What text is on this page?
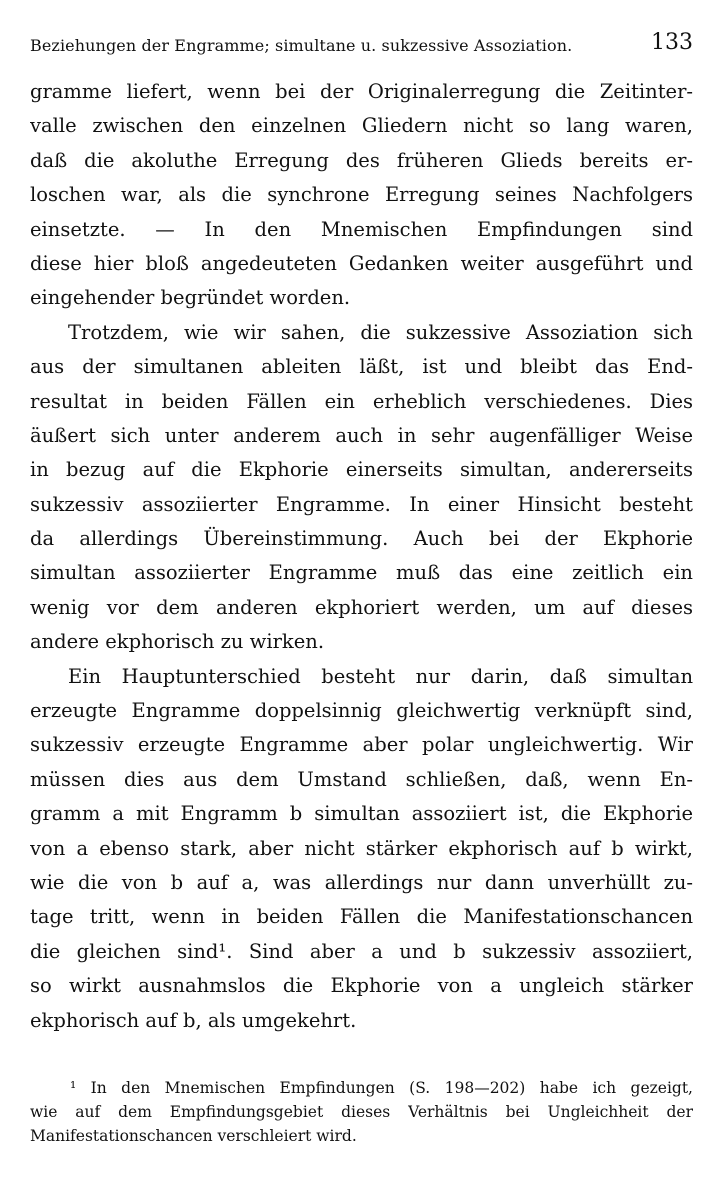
Beziehungen der Engramme; simultane u. sukzessive Assoziation.	133
gramme liefert, wenn bei der Originalerregung die Zeitinter-
valle zwischen den einzelnen Gliedern nicht so lang waren,
daß die akoluthe Erregung des früheren Glieds bereits er-
loschen war, als die synchrone Erregung seines Nachfolgers
einsetzte. — In den Mnemischen Empfindungen sind
diese hier bloß angedeuteten Gedanken weiter ausgeführt und
eingehender begründet worden.
Trotzdem, wie wir sahen, die sukzessive Assoziation sich
aus der simultanen ableiten läßt, ist und bleibt das End-
resultat in beiden Fällen ein erheblich verschiedenes. Dies
äußert sich unter anderem auch in sehr augenfälliger Weise
in bezug auf die Ekphorie einerseits simultan, andererseits
sukzessiv assoziierter Engramme. In einer Hinsicht besteht
da allerdings Übereinstimmung. Auch bei der Ekphorie
simultan assoziierter Engramme muß das eine zeitlich ein
wenig vor dem anderen ekphoriert werden, um auf dieses
andere ekphorisch zu wirken.
Ein Hauptunterschied besteht nur darin, daß simultan
erzeugte Engramme doppelsinnig gleichwertig verknüpft sind,
sukzessiv erzeugte Engramme aber polar ungleichwertig. Wir
müssen dies aus dem Umstand schließen, daß, wenn En-
gramm a mit Engramm b simultan assoziiert ist, die Ekphorie
von a ebenso stark, aber nicht stärker ekphorisch auf b wirkt,
wie die von b auf a, was allerdings nur dann unverhüllt zu-
tage tritt, wenn in beiden Fällen die Manifestationschancen
die gleichen sind¹. Sind aber a und b sukzessiv assoziiert,
so wirkt ausnahmslos die Ekphorie von a ungleich stärker
ekphorisch auf b, als umgekehrt.
¹ In den Mnemischen Empfindungen (S. 198—202) habe ich gezeigt,
wie auf dem Empfindungsgebiet dieses Verhältnis bei Ungleichheit der
Manifestationschancen verschleiert wird.
